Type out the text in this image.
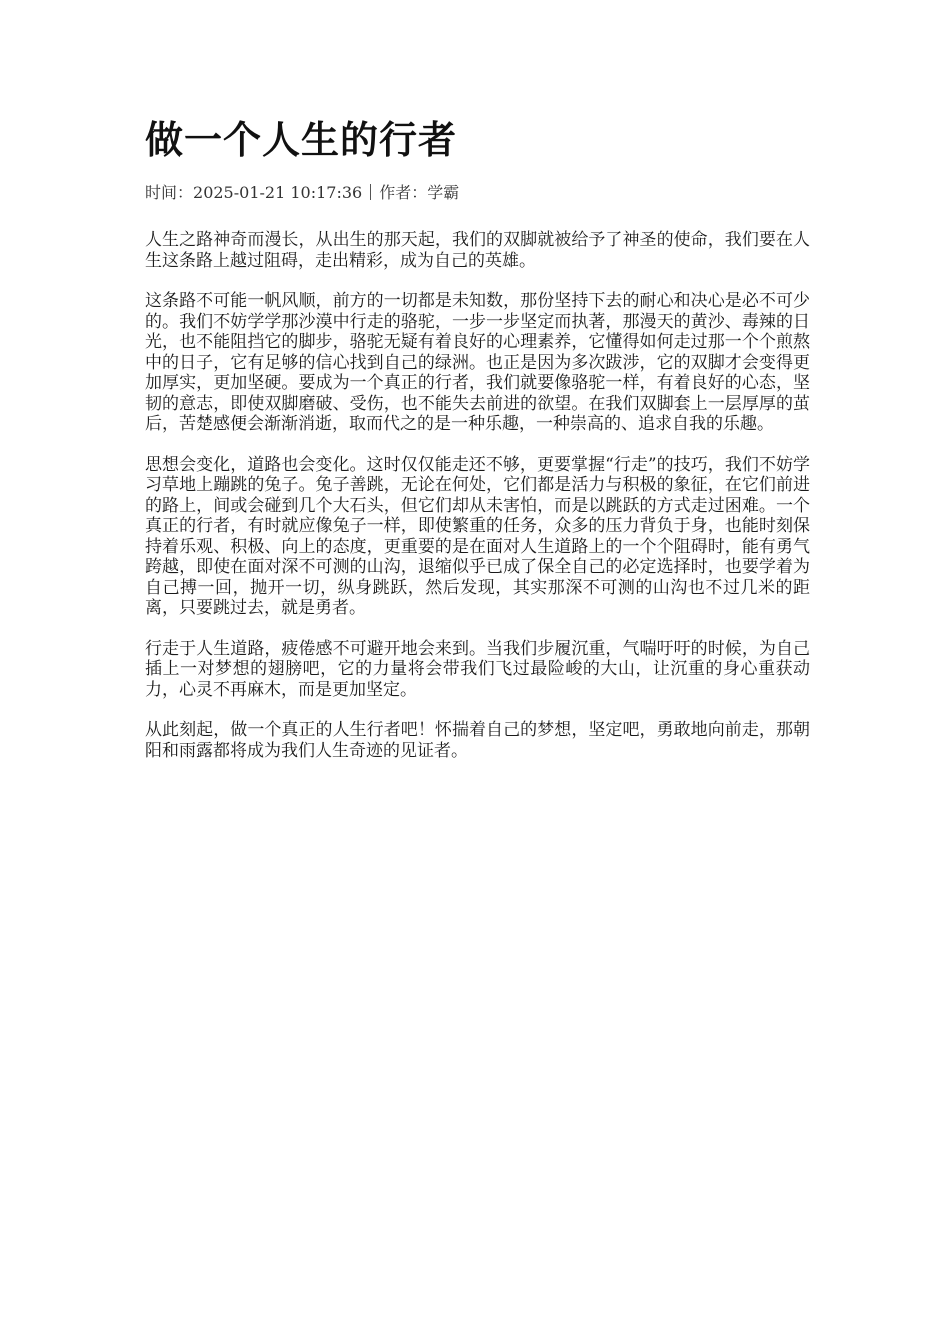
做一个人生的行者
时间：2025-01-21 10:17:36 作者：学霸

人生之路神奇而漫长，从出生的那天起，我们的双脚就被给予了神圣的使命，我们要在人生这条路上越过阻碍，走出精彩，成为自己的英雄。

这条路不可能一帆风顺，前方的一切都是未知数，那份坚持下去的耐心和决心是必不可少的。我们不妨学学那沙漠中行走的骆驼，一步一步坚定而执著，那漫天的黄沙、毒辣的日光，也不能阻挡它的脚步，骆驼无疑有着良好的心理素养，它懂得如何走过那一个个煎熬中的日子，它有足够的信心找到自己的绿洲。也正是因为多次跋涉，它的双脚才会变得更加厚实，更加坚硬。要成为一个真正的行者，我们就要像骆驼一样，有着良好的心态，坚韧的意志，即使双脚磨破、受伤，也不能失去前进的欲望。在我们双脚套上一层厚厚的茧后，苦楚感便会渐渐消逝，取而代之的是一种乐趣，一种崇高的、追求自我的乐趣。

思想会变化，道路也会变化。这时仅仅能走还不够，更要掌握“行走”的技巧，我们不妨学习草地上蹦跳的兔子。兔子善跳，无论在何处，它们都是活力与积极的象征，在它们前进的路上，间或会碰到几个大石头，但它们却从未害怕，而是以跳跃的方式走过困难。一个真正的行者，有时就应像兔子一样，即使繁重的任务，众多的压力背负于身，也能时刻保持着乐观、积极、向上的态度，更重要的是在面对人生道路上的一个个阻碍时，能有勇气跨越，即使在面对深不可测的山沟，退缩似乎已成了保全自己的必定选择时，也要学着为自己搏一回，抛开一切，纵身跳跃，然后发现，其实那深不可测的山沟也不过几米的距离，只要跳过去，就是勇者。

行走于人生道路，疲倦感不可避开地会来到。当我们步履沉重，气喘吁吁的时候，为自己插上一对梦想的翅膀吧，它的力量将会带我们飞过最险峻的大山，让沉重的身心重获动力，心灵不再麻木，而是更加坚定。

从此刻起，做一个真正的人生行者吧！怀揣着自己的梦想，坚定吧，勇敢地向前走，那朝阳和雨露都将成为我们人生奇迹的见证者。
